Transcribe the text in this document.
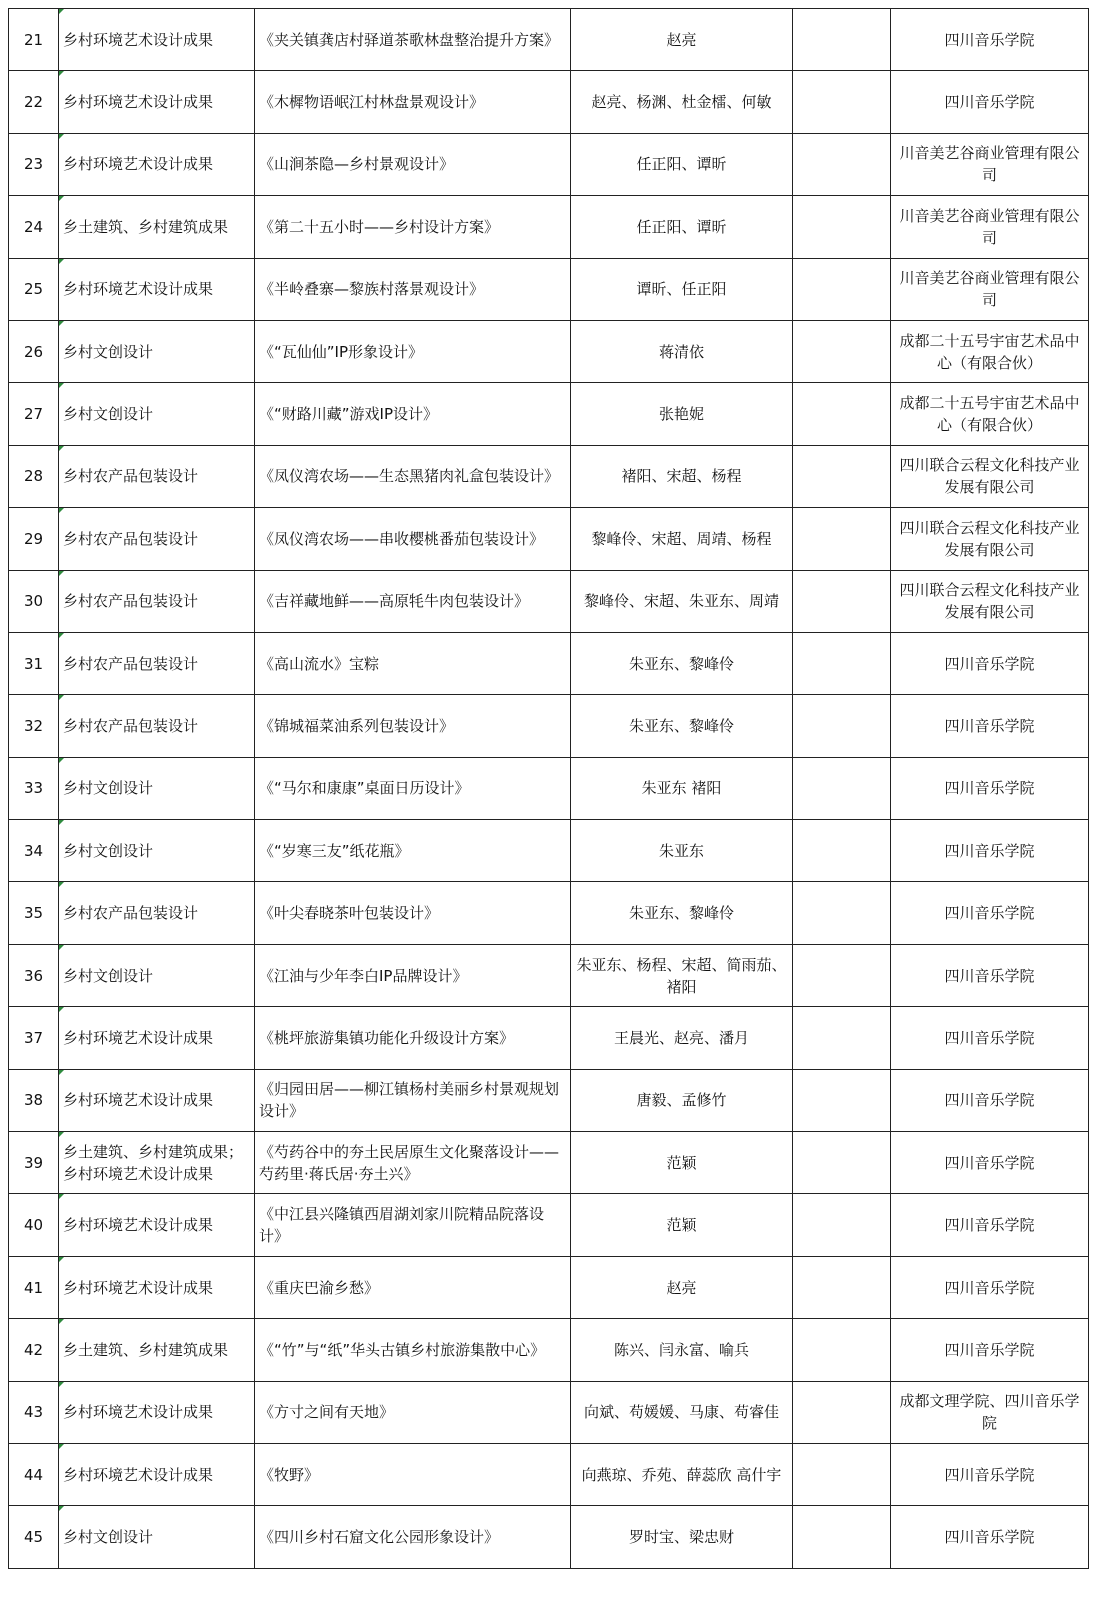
21	乡村环境艺术设计成果	《夹关镇龚店村驿道茶歌林盘整治提升方案》	赵亮		四川音乐学院
22	乡村环境艺术设计成果	《木樨物语岷江村林盘景观设计》	赵亮、杨渊、杜金檑、何敏		四川音乐学院
23	乡村环境艺术设计成果	《山涧茶隐—乡村景观设计》	任正阳、谭昕		川音美艺谷商业管理有限公司
24	乡土建筑、乡村建筑成果	《第二十五小时——乡村设计方案》	任正阳、谭昕		川音美艺谷商业管理有限公司
25	乡村环境艺术设计成果	《半岭叠寨—黎族村落景观设计》	谭昕、任正阳		川音美艺谷商业管理有限公司
26	乡村文创设计	《“瓦仙仙”IP形象设计》	蒋清依		成都二十五号宇宙艺术品中心（有限合伙）
27	乡村文创设计	《“财路川藏”游戏IP设计》	张艳妮		成都二十五号宇宙艺术品中心（有限合伙）
28	乡村农产品包装设计	《凤仪湾农场——生态黑猪肉礼盒包装设计》	褚阳、宋超、杨程		四川联合云程文化科技产业发展有限公司
29	乡村农产品包装设计	《凤仪湾农场——串收樱桃番茄包装设计》	黎峰伶、宋超、周靖、杨程		四川联合云程文化科技产业发展有限公司
30	乡村农产品包装设计	《吉祥藏地鲜——高原牦牛肉包装设计》	黎峰伶、宋超、朱亚东、周靖		四川联合云程文化科技产业发展有限公司
31	乡村农产品包装设计	《高山流水》宝粽	朱亚东、黎峰伶		四川音乐学院
32	乡村农产品包装设计	《锦城福菜油系列包装设计》	朱亚东、黎峰伶		四川音乐学院
33	乡村文创设计	《“马尔和康康”桌面日历设计》	朱亚东 褚阳		四川音乐学院
34	乡村文创设计	《“岁寒三友”纸花瓶》	朱亚东		四川音乐学院
35	乡村农产品包装设计	《叶尖春晓茶叶包装设计》	朱亚东、黎峰伶		四川音乐学院
36	乡村文创设计	《江油与少年李白IP品牌设计》	朱亚东、杨程、宋超、简雨茄、褚阳		四川音乐学院
37	乡村环境艺术设计成果	《桃坪旅游集镇功能化升级设计方案》	王晨光、赵亮、潘月		四川音乐学院
38	乡村环境艺术设计成果	《归园田居——柳江镇杨村美丽乡村景观规划设计》	唐毅、孟修竹		四川音乐学院
39	乡土建筑、乡村建筑成果；乡村环境艺术设计成果	《芍药谷中的夯土民居原生文化聚落设计——芍药里·蒋氏居·夯土兴》	范颖		四川音乐学院
40	乡村环境艺术设计成果	《中江县兴隆镇西眉湖刘家川院精品院落设计》	范颖		四川音乐学院
41	乡村环境艺术设计成果	《重庆巴渝乡愁》	赵亮		四川音乐学院
42	乡土建筑、乡村建筑成果	《“竹”与“纸”华头古镇乡村旅游集散中心》	陈兴、闫永富、喻兵		四川音乐学院
43	乡村环境艺术设计成果	《方寸之间有天地》	向斌、苟媛媛、马康、苟睿佳		成都文理学院、四川音乐学院
44	乡村环境艺术设计成果	《牧野》	向燕琼、乔苑、薛蕊欣 高什宇		四川音乐学院
45	乡村文创设计	《四川乡村石窟文化公园形象设计》	罗时宝、梁忠财		四川音乐学院
